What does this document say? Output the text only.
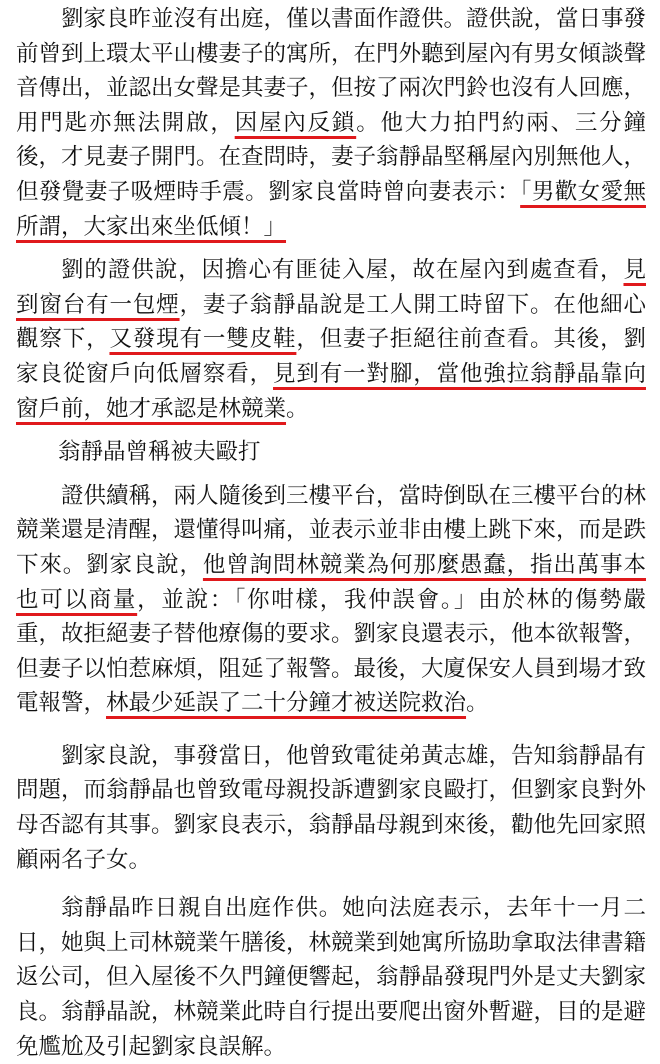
劉家良昨並沒有出庭，僅以書面作證供。證供說，當日事發前曾到上環太平山樓妻子的寓所，在門外聽到屋內有男女傾談聲音傳出，並認出女聲是其妻子，但按了兩次門鈴也沒有人回應，用門匙亦無法開啟，因屋內反鎖。他大力拍門約兩、三分鐘後，才見妻子開門。在查問時，妻子翁靜晶堅稱屋內別無他人，但發覺妻子吸煙時手震。劉家良當時曾向妻表示：「男歡女愛無所謂，大家出來坐低傾！」

劉的證供說，因擔心有匪徒入屋，故在屋內到處查看，見到窗台有一包煙，妻子翁靜晶說是工人開工時留下。在他細心觀察下，又發現有一雙皮鞋，但妻子拒絕往前查看。其後，劉家良從窗戶向低層察看，見到有一對腳，當他強拉翁靜晶靠向窗戶前，她才承認是林競業。

翁靜晶曾稱被夫毆打

證供續稱，兩人隨後到三樓平台，當時倒臥在三樓平台的林競業還是清醒，還懂得叫痛，並表示並非由樓上跳下來，而是跌下來。劉家良說，他曾詢問林競業為何那麼愚蠢，指出萬事本也可以商量，並說：「你咁樣，我仲誤會。」由於林的傷勢嚴重，故拒絕妻子替他療傷的要求。劉家良還表示，他本欲報警，但妻子以怕惹麻煩，阻延了報警。最後，大廈保安人員到場才致電報警，林最少延誤了二十分鐘才被送院救治。

劉家良說，事發當日，他曾致電徒弟黃志雄，告知翁靜晶有問題，而翁靜晶也曾致電母親投訴遭劉家良毆打，但劉家良對外母否認有其事。劉家良表示，翁靜晶母親到來後，勸他先回家照顧兩名子女。

翁靜晶昨日親自出庭作供。她向法庭表示，去年十一月二日，她與上司林競業午膳後，林競業到她寓所協助拿取法律書籍返公司，但入屋後不久門鐘便響起，翁靜晶發現門外是丈夫劉家良。翁靜晶說，林競業此時自行提出要爬出窗外暫避，目的是避免尷尬及引起劉家良誤解。
